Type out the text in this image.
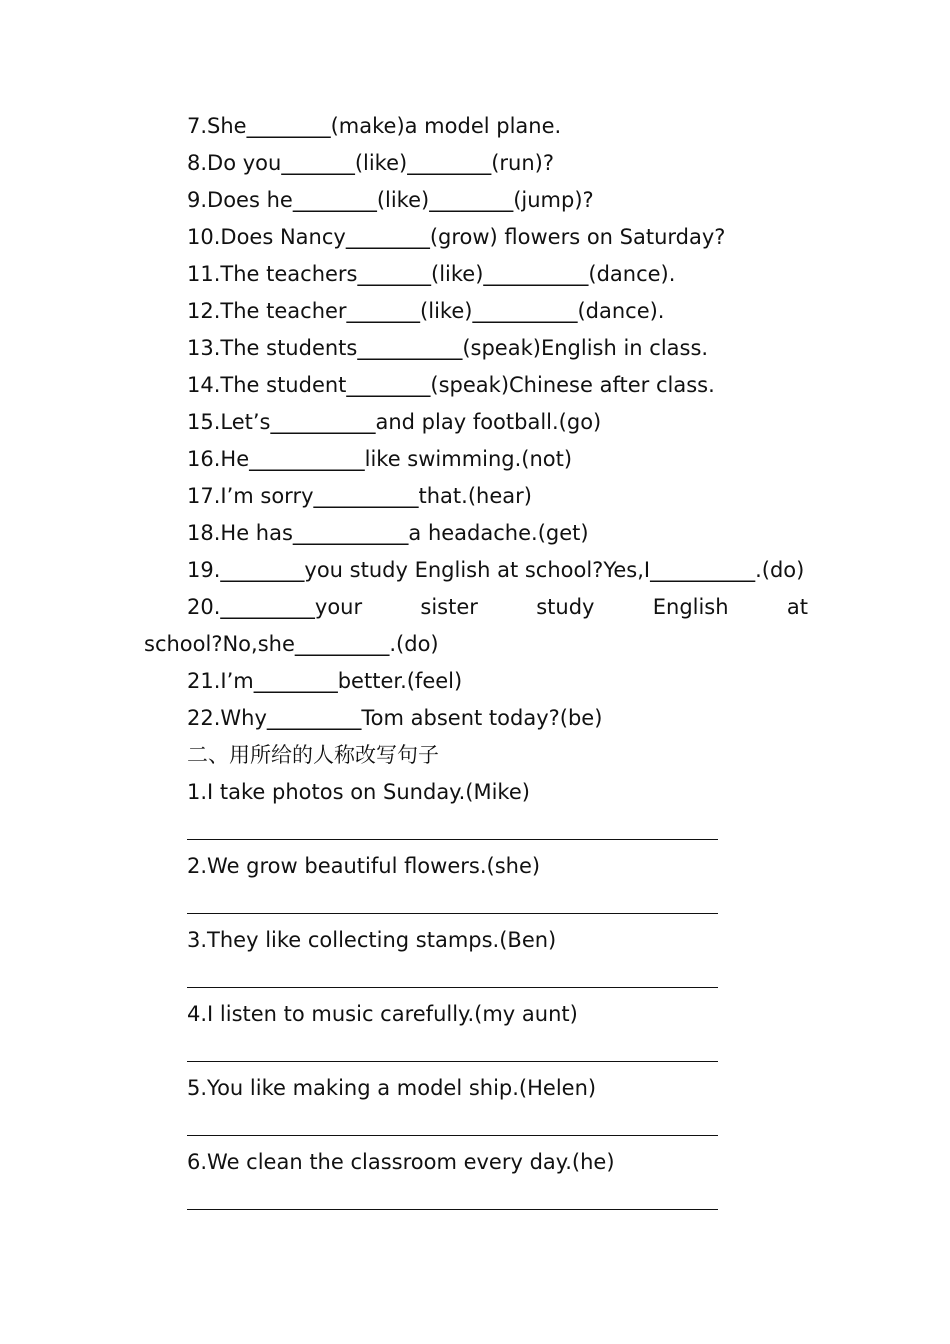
7.She________(make)a model plane.

8.Do you_______(like)________(run)?

9.Does he________(like)________(jump)?

10.Does Nancy________(grow) flowers on Saturday?

11.The teachers_______(like)__________(dance).

12.The teacher_______(like)__________(dance).

13.The students__________(speak)English in class.

14.The student________(speak)Chinese after class.

15.Let’s__________and play football.(go)

16.He___________like swimming.(not)

17.I’m sorry__________that.(hear)

18.He has___________a headache.(get)

19.________you study English at school?Yes,I__________.(do)

20._________your	sister	study	English	at
school?No,she_________.(do)

21.I’m________better.(feel)

22.Why_________Tom absent today?(be)

二、用所给的人称改写句子

1.I take photos on Sunday.(Mike)

2.We grow beautiful flowers.(she)

3.They like collecting stamps.(Ben)

4.I listen to music carefully.(my aunt)

5.You like making a model ship.(Helen)

6.We clean the classroom every day.(he)
